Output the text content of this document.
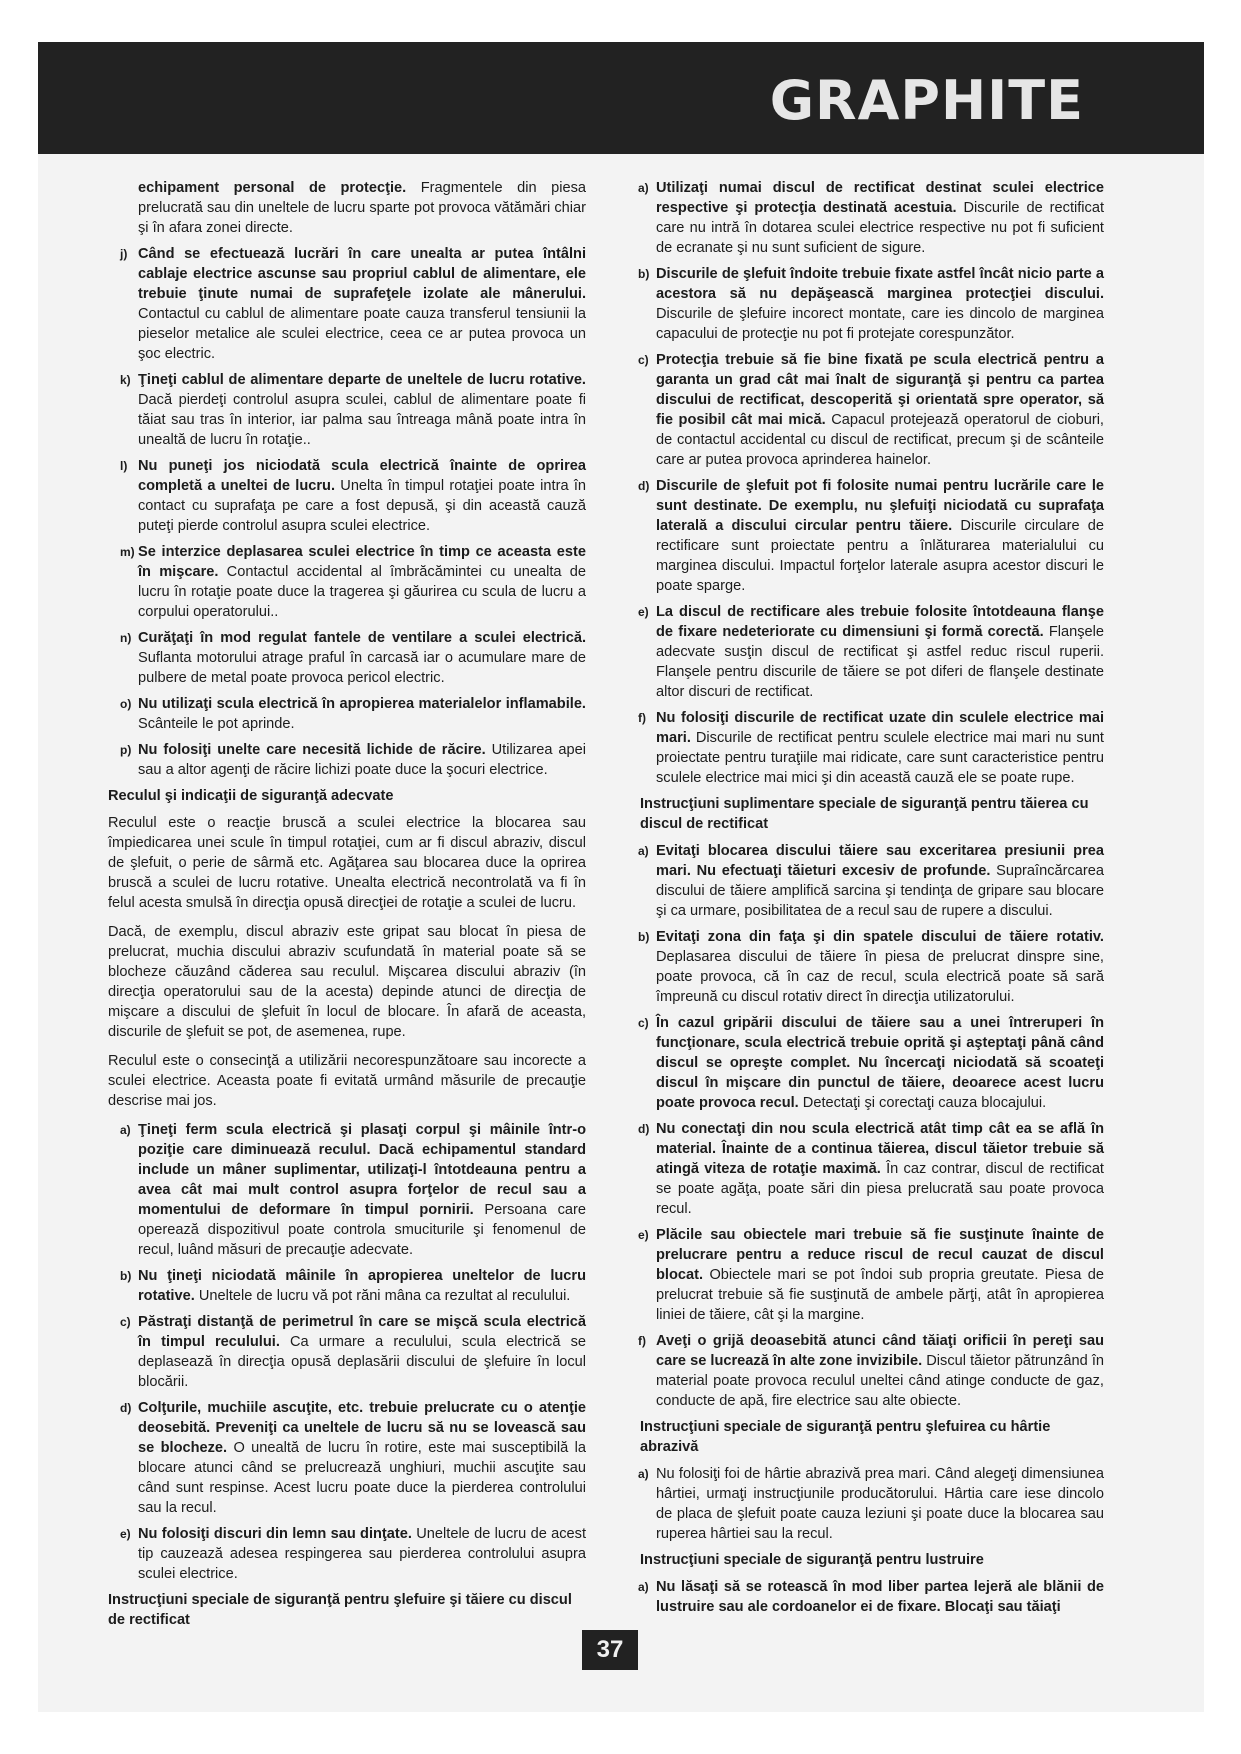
GRAPHITE

echipament personal de protecţie. Fragmentele din piesa prelucrată sau din uneltele de lucru sparte pot provoca vătămări chiar şi în afara zonei directe.

j) Când se efectuează lucrări în care unealta ar putea întâlni cablaje electrice ascunse sau propriul cablul de alimentare, ele trebuie ţinute numai de suprafeţele izolate ale mânerului. Contactul cu cablul de alimentare poate cauza transferul tensiunii la pieselor metalice ale sculei electrice, ceea ce ar putea provoca un şoc electric.

k) Ţineţi cablul de alimentare departe de uneltele de lucru rotative. Dacă pierdeţi controlul asupra sculei, cablul de alimentare poate fi tăiat sau tras în interior, iar palma sau întreaga mână poate intra în unealtă de lucru în rotaţie..

l) Nu puneţi jos niciodată scula electrică înainte de oprirea completă a uneltei de lucru. Unelta în timpul rotaţiei poate intra în contact cu suprafaţa pe care a fost depusă, şi din această cauză puteţi pierde controlul asupra sculei electrice.

m) Se interzice deplasarea sculei electrice în timp ce aceasta este în mişcare. Contactul accidental al îmbrăcămintei cu unealta de lucru în rotaţie poate duce la tragerea şi găurirea cu scula de lucru a corpului operatorului..

n) Curăţaţi în mod regulat fantele de ventilare a sculei electrică. Suflanta motorului atrage praful în carcasă iar o acumulare mare de pulbere de metal poate provoca pericol electric.

o) Nu utilizaţi scula electrică în apropierea materialelor inflamabile. Scânteile le pot aprinde.

p) Nu folosiţi unelte care necesită lichide de răcire. Utilizarea apei sau a altor agenţi de răcire lichizi poate duce la şocuri electrice.

Reculul şi indicaţii de siguranţă adecvate

Reculul este o reacţie bruscă a sculei electrice la blocarea sau împiedicarea unei scule în timpul rotaţiei, cum ar fi discul abraziv, discul de şlefuit, o perie de sârmă etc. Agăţarea sau blocarea duce la oprirea bruscă a sculei de lucru rotative. Unealta electrică necontrolată va fi în felul acesta smulsă în direcţia opusă direcţiei de rotaţie a sculei de lucru.

Dacă, de exemplu, discul abraziv este gripat sau blocat în piesa de prelucrat, muchia discului abraziv scufundată în material poate să se blocheze căuzând căderea sau reculul. Mişcarea discului abraziv (în direcţia operatorului sau de la acesta) depinde atunci de direcţia de mişcare a discului de şlefuit în locul de blocare. În afară de aceasta, discurile de şlefuit se pot, de asemenea, rupe.

Reculul este o consecinţă a utilizării necorespunzătoare sau incorecte a sculei electrice. Aceasta poate fi evitată urmând măsurile de precauţie descrise mai jos.

a) Ţineţi ferm scula electrică şi plasaţi corpul şi mâinile într-o poziţie care diminuează reculul. Dacă echipamentul standard include un mâner suplimentar, utilizaţi-l întotdeauna pentru a avea cât mai mult control asupra forţelor de recul sau a momentului de deformare în timpul pornirii. Persoana care operează dispozitivul poate controla smuciturile şi fenomenul de recul, luând măsuri de precauţie adecvate.

b) Nu ţineţi niciodată mâinile în apropierea uneltelor de lucru rotative. Uneltele de lucru vă pot răni mâna ca rezultat al reculului.

c) Păstraţi distanţă de perimetrul în care se mişcă scula electrică în timpul reculului. Ca urmare a reculului, scula electrică se deplasează în direcţia opusă deplasării discului de şlefuire în locul blocării.

d) Colţurile, muchiile ascuţite, etc. trebuie prelucrate cu o atenţie deosebită. Preveniţi ca uneltele de lucru să nu se lovească sau se blocheze. O unealtă de lucru în rotire, este mai susceptibilă la blocare atunci când se prelucrează unghiuri, muchii ascuţite sau când sunt respinse. Acest lucru poate duce la pierderea controlului sau la recul.

e) Nu folosiţi discuri din lemn sau dinţate. Uneltele de lucru de acest tip cauzează adesea respingerea sau pierderea controlului asupra sculei electrice.

Instrucţiuni speciale de siguranţă pentru şlefuire şi tăiere cu discul de rectificat

a) Utilizaţi numai discul de rectificat destinat sculei electrice respective şi protecţia destinată acestuia. Discurile de rectificat care nu intră în dotarea sculei electrice respective nu pot fi suficient de ecranate şi nu sunt suficient de sigure.

b) Discurile de şlefuit îndoite trebuie fixate astfel încât nicio parte a acestora să nu depăşească marginea protecţiei discului. Discurile de şlefuire incorect montate, care ies dincolo de marginea capacului de protecţie nu pot fi protejate corespunzător.

c) Protecţia trebuie să fie bine fixată pe scula electrică pentru a garanta un grad cât mai înalt de siguranţă şi pentru ca partea discului de rectificat, descoperită şi orientată spre operator, să fie posibil cât mai mică. Capacul protejează operatorul de cioburi, de contactul accidental cu discul de rectificat, precum şi de scânteile care ar putea provoca aprinderea hainelor.

d) Discurile de şlefuit pot fi folosite numai pentru lucrările care le sunt destinate. De exemplu, nu şlefuiţi niciodată cu suprafaţa laterală a discului circular pentru tăiere. Discurile circulare de rectificare sunt proiectate pentru a înlăturarea materialului cu marginea discului. Impactul forţelor laterale asupra acestor discuri le poate sparge.

e) La discul de rectificare ales trebuie folosite întotdeauna flanşe de fixare nedeteriorate cu dimensiuni şi formă corectă. Flanşele adecvate susţin discul de rectificat şi astfel reduc riscul ruperii. Flanşele pentru discurile de tăiere se pot diferi de flanşele destinate altor discuri de rectificat.

f) Nu folosiţi discurile de rectificat uzate din sculele electrice mai mari. Discurile de rectificat pentru sculele electrice mai mari nu sunt proiectate pentru turaţiile mai ridicate, care sunt caracteristice pentru sculele electrice mai mici şi din această cauză ele se poate rupe.

Instrucţiuni suplimentare speciale de siguranţă pentru tăierea cu discul de rectificat

a) Evitaţi blocarea discului tăiere sau exceritarea presiunii prea mari. Nu efectuaţi tăieturi excesiv de profunde. Supraîncărcarea discului de tăiere amplifică sarcina şi tendinţa de gripare sau blocare şi ca urmare, posibilitatea de a recul sau de rupere a discului.

b) Evitaţi zona din faţa şi din spatele discului de tăiere rotativ. Deplasarea discului de tăiere în piesa de prelucrat dinspre sine, poate provoca, că în caz de recul, scula electrică poate să sară împreună cu discul rotativ direct în direcţia utilizatorului.

c) În cazul gripării discului de tăiere sau a unei întreruperi în funcţionare, scula electrică trebuie oprită şi aşteptaţi până când discul se opreşte complet. Nu încercaţi niciodată să scoateţi discul în mişcare din punctul de tăiere, deoarece acest lucru poate provoca recul. Detectaţi şi corectaţi cauza blocajului.

d) Nu conectaţi din nou scula electrică atât timp cât ea se află în material. Înainte de a continua tăierea, discul tăietor trebuie să atingă viteza de rotaţie maximă. În caz contrar, discul de rectificat se poate agăţa, poate sări din piesa prelucrată sau poate provoca recul.

e) Plăcile sau obiectele mari trebuie să fie susţinute înainte de prelucrare pentru a reduce riscul de recul cauzat de discul blocat. Obiectele mari se pot îndoi sub propria greutate. Piesa de prelucrat trebuie să fie susţinută de ambele părţi, atât în apropierea liniei de tăiere, cât şi la margine.

f) Aveţi o grijă deoasebită atunci când tăiaţi orificii în pereţi sau care se lucrează în alte zone invizibile. Discul tăietor pătrunzând în material poate provoca reculul uneltei când atinge conducte de gaz, conducte de apă, fire electrice sau alte obiecte.

Instrucţiuni speciale de siguranţă pentru şlefuirea cu hârtie abrazivă

a) Nu folosiţi foi de hârtie abrazivă prea mari. Când alegeţi dimensiunea hârtiei, urmaţi instrucţiunile producătorului. Hârtia care iese dincolo de placa de şlefuit poate cauza leziuni şi poate duce la blocarea sau ruperea hârtiei sau la recul.

Instrucţiuni speciale de siguranţă pentru lustruire

a) Nu lăsaţi să se rotească în mod liber partea lejeră ale blănii de lustruire sau ale cordoanelor ei de fixare. Blocaţi sau tăiaţi

37
